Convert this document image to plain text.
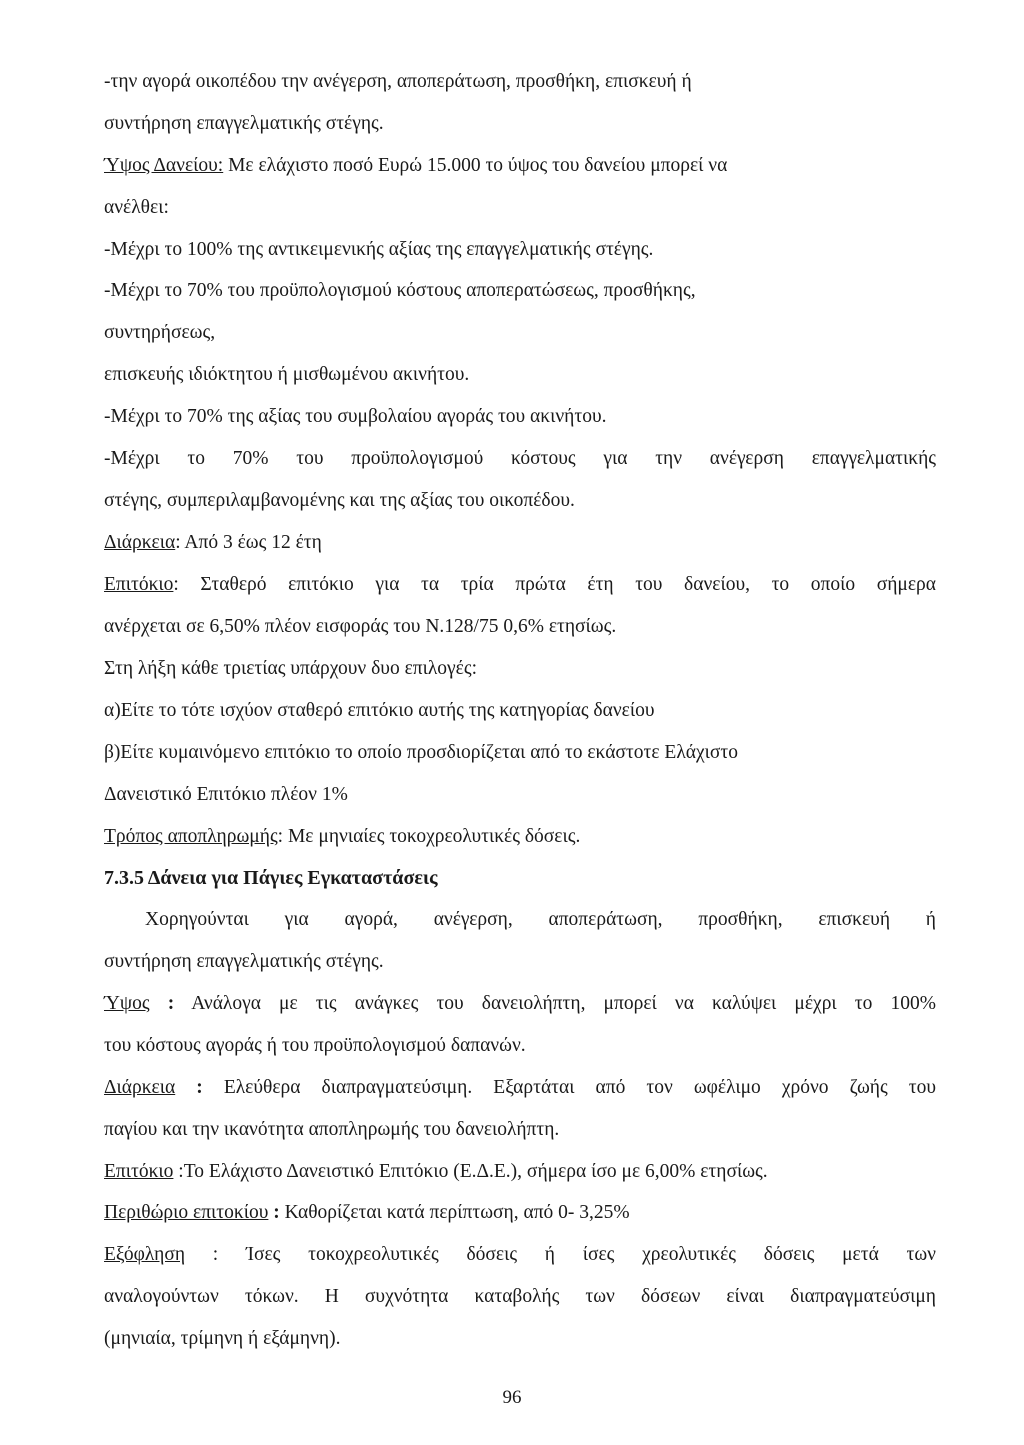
-την αγορά οικοπέδου την ανέγερση, αποπεράτωση, προσθήκη, επισκευή ή
συντήρηση επαγγελματικής στέγης.
Ύψος Δανείου: Με ελάχιστο ποσό Ευρώ 15.000 το ύψος του δανείου μπορεί να
ανέλθει:
-Μέχρι το 100% της αντικειμενικής αξίας της επαγγελματικής στέγης.
-Μέχρι το 70% του προϋπολογισμού κόστους αποπερατώσεως, προσθήκης,
συντηρήσεως,
επισκευής ιδιόκτητου ή μισθωμένου ακινήτου.
-Μέχρι το 70% της αξίας του συμβολαίου αγοράς του ακινήτου.
-Μέχρι το 70% του προϋπολογισμού κόστους για την ανέγερση επαγγελματικής
στέγης, συμπεριλαμβανομένης και της αξίας του οικοπέδου.
Διάρκεια: Από 3 έως 12 έτη
Επιτόκιο: Σταθερό επιτόκιο για τα τρία πρώτα έτη του δανείου, το οποίο σήμερα
ανέρχεται σε 6,50% πλέον εισφοράς του Ν.128/75 0,6% ετησίως.
Στη λήξη κάθε τριετίας υπάρχουν δυο επιλογές:
α)Είτε το τότε ισχύον σταθερό επιτόκιο αυτής της κατηγορίας δανείου
β)Είτε κυμαινόμενο επιτόκιο το οποίο προσδιορίζεται από το εκάστοτε Ελάχιστο
Δανειστικό Επιτόκιο πλέον 1%
Τρόπος αποπληρωμής: Με μηνιαίες τοκοχρεολυτικές δόσεις.
7.3.5 Δάνεια για Πάγιες Εγκαταστάσεις
Χορηγούνται για αγορά, ανέγερση, αποπεράτωση, προσθήκη, επισκευή ή
συντήρηση επαγγελματικής στέγης.
Ύψος : Ανάλογα με τις ανάγκες του δανειολήπτη, μπορεί να καλύψει μέχρι το 100%
του κόστους αγοράς ή του προϋπολογισμού δαπανών.
Διάρκεια : Ελεύθερα διαπραγματεύσιμη. Εξαρτάται από τον ωφέλιμο χρόνο ζωής του
παγίου και την ικανότητα αποπληρωμής του δανειολήπτη.
Επιτόκιο :Το Ελάχιστο Δανειστικό Επιτόκιο (Ε.Δ.Ε.), σήμερα ίσο με 6,00% ετησίως.
Περιθώριο επιτοκίου : Καθορίζεται κατά περίπτωση, από 0- 3,25%
Εξόφληση : Ίσες τοκοχρεολυτικές δόσεις ή ίσες χρεολυτικές δόσεις μετά των
αναλογούντων τόκων. Η συχνότητα καταβολής των δόσεων είναι διαπραγματεύσιμη
(μηνιαία, τρίμηνη ή εξάμηνη).
96
